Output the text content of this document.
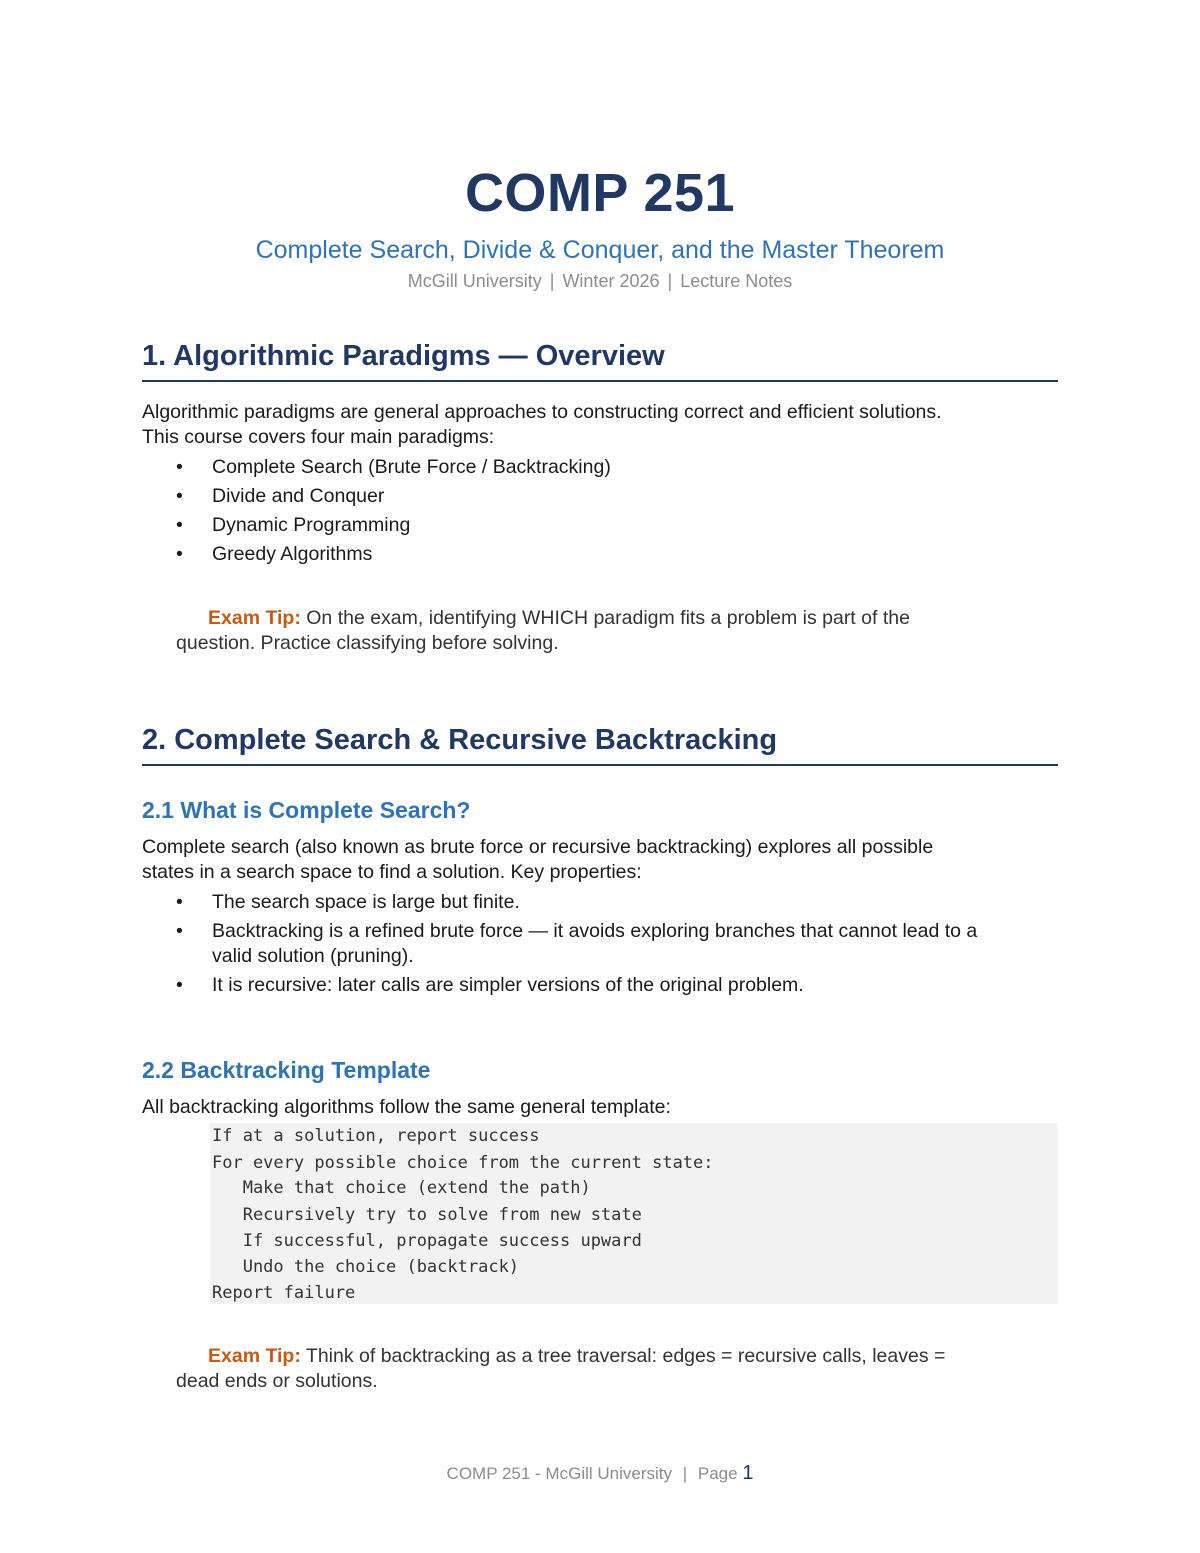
COMP 251
Complete Search, Divide & Conquer, and the Master Theorem
McGill University | Winter 2026 | Lecture Notes
1. Algorithmic Paradigms — Overview

Algorithmic paradigms are general approaches to constructing correct and efficient solutions.
This course covers four main paradigms:

• Complete Search (Brute Force / Backtracking)
• Divide and Conquer
• Dynamic Programming
• Greedy Algorithms
Exam Tip: On the exam, identifying WHICH paradigm fits a problem is part of the
question. Practice classifying before solving.
2. Complete Search & Recursive Backtracking
2.1 What is Complete Search?

Complete search (also known as brute force or recursive backtracking) explores all possible
states in a search space to find a solution. Key properties:

• The search space is large but finite.
• Backtracking is a refined brute force — it avoids exploring branches that cannot lead to a
valid solution (pruning).
• It is recursive: later calls are simpler versions of the original problem.
2.2 Backtracking Template

All backtracking algorithms follow the same general template:

If at a solution, report success
For every possible choice from the current state:
Make that choice (extend the path)
Recursively try to solve from new state
If successful, propagate success upward
Undo the choice (backtrack)
Report failure
Exam Tip: Think of backtracking as a tree traversal: edges = recursive calls, leaves =
dead ends or solutions.
COMP 251 - McGill University | Page 1
